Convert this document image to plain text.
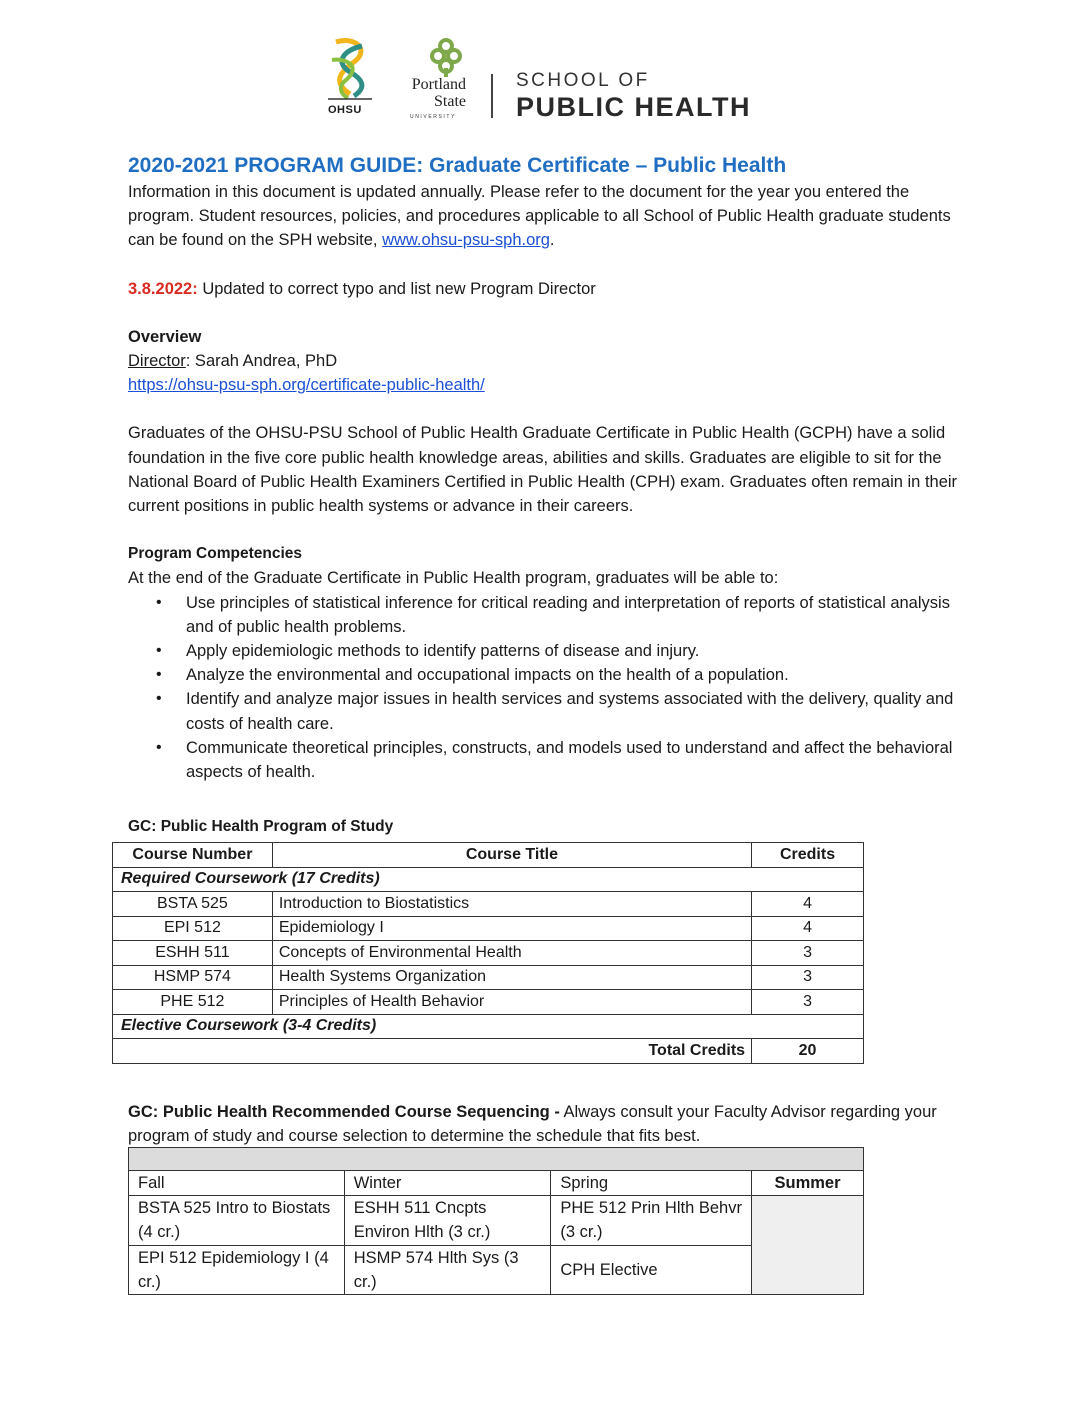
OHSU
Portland
State
UNIVERSITY
SCHOOL OF
PUBLIC HEALTH
2020-2021 PROGRAM GUIDE: Graduate Certificate – Public Health

Information in this document is updated annually. Please refer to the document for the year you entered the program. Student resources, policies, and procedures applicable to all School of Public Health graduate students can be found on the SPH website, www.ohsu-psu-sph.org.

3.8.2022: Updated to correct typo and list new Program Director

Overview

Director: Sarah Andrea, PhD

https://ohsu-psu-sph.org/certificate-public-health/

Graduates of the OHSU-PSU School of Public Health Graduate Certificate in Public Health (GCPH) have a solid foundation in the five core public health knowledge areas, abilities and skills. Graduates are eligible to sit for the National Board of Public Health Examiners Certified in Public Health (CPH) exam. Graduates often remain in their current positions in public health systems or advance in their careers.

Program Competencies

At the end of the Graduate Certificate in Public Health program, graduates will be able to:

• Use principles of statistical inference for critical reading and interpretation of reports of statistical analysis and of public health problems.
• Apply epidemiologic methods to identify patterns of disease and injury.
• Analyze the environmental and occupational impacts on the health of a population.
• Identify and analyze major issues in health services and systems associated with the delivery, quality and costs of health care.
• Communicate theoretical principles, constructs, and models used to understand and affect the behavioral aspects of health.
GC: Public Health Program of Study
Course Number	Course Title	Credits
Required Coursework (17 Credits)		
BSTA 525	Introduction to Biostatistics	4
EPI 512	Epidemiology I	4
ESHH 511	Concepts of Environmental Health	3
HSMP 574	Health Systems Organization	3
PHE 512	Principles of Health Behavior	3
Elective Coursework (3-4 Credits)		
Total Credits		20

GC: Public Health Recommended Course Sequencing - Always consult your Faculty Advisor regarding your program of study and course selection to determine the schedule that fits best.

Fall	Winter	Spring	Summer
BSTA 525 Intro to Biostats (4 cr.)	ESHH 511 Cncpts Environ Hlth (3 cr.)	PHE 512 Prin Hlth Behvr (3 cr.)	
EPI 512 Epidemiology I (4 cr.)	HSMP 574 Hlth Sys (3 cr.)	CPH Elective	
